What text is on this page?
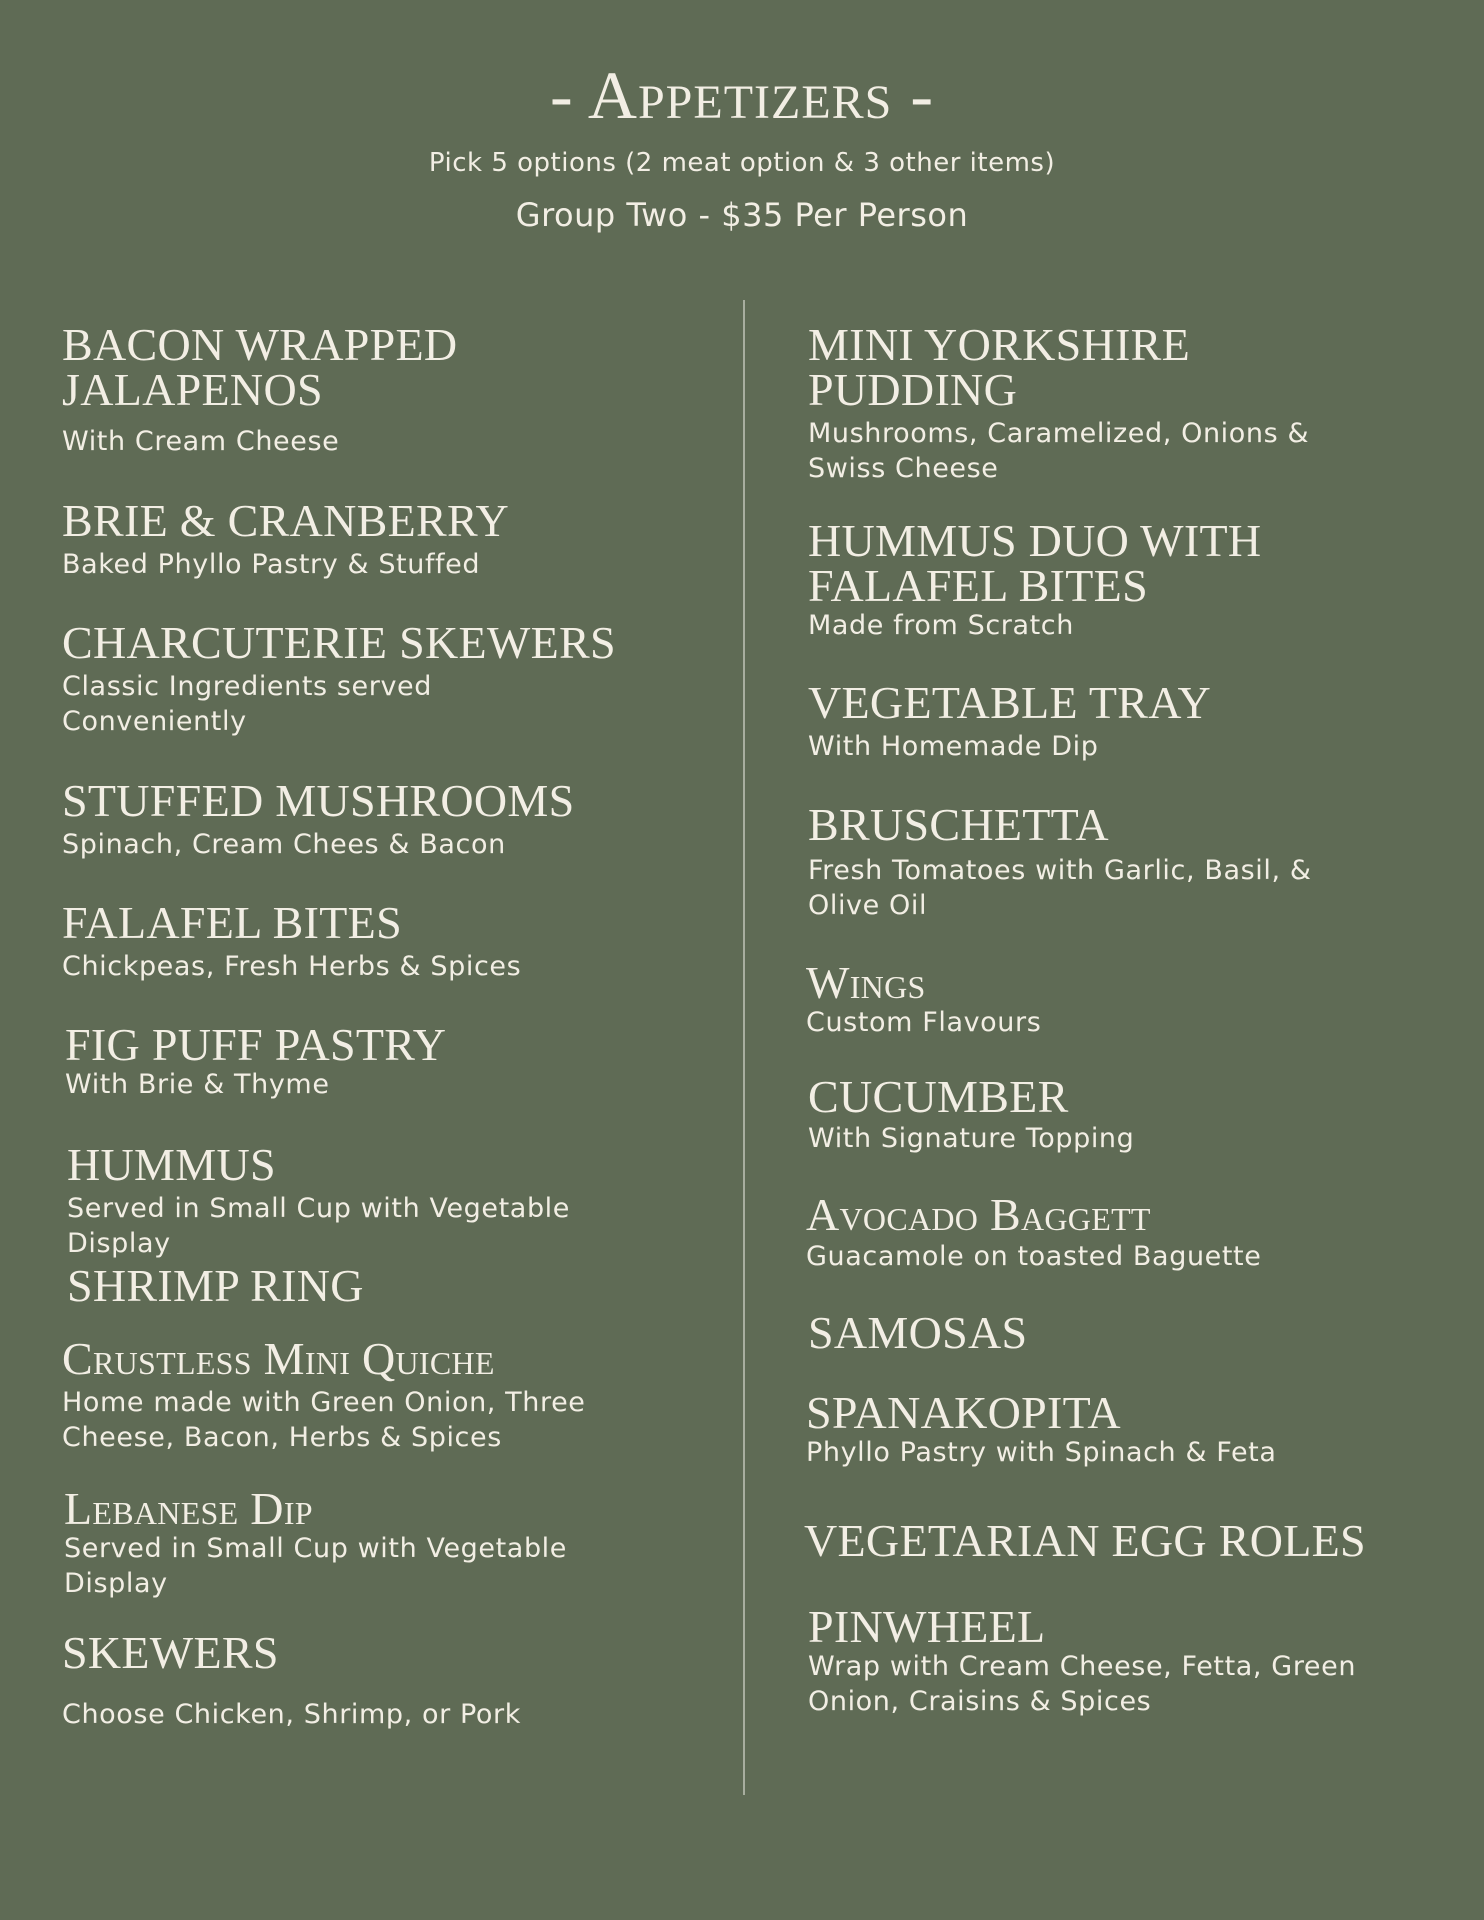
- Appetizers -
Pick 5 options (2 meat option & 3 other items)
Group Two - $35 Per Person
BACON WRAPPED JALAPENOS
With Cream Cheese
BRIE & CRANBERRY
Baked Phyllo Pastry & Stuffed
CHARCUTERIE SKEWERS
Classic Ingredients served Conveniently
STUFFED MUSHROOMS
Spinach, Cream Chees & Bacon
FALAFEL BITES
Chickpeas, Fresh Herbs & Spices
FIG PUFF PASTRY
With Brie & Thyme
HUMMUS
Served in Small Cup with Vegetable Display
SHRIMP RING
Crustless Mini Quiche
Home made with Green Onion, Three Cheese, Bacon, Herbs & Spices
Lebanese Dip
Served in Small Cup with Vegetable Display
SKEWERS
Choose Chicken, Shrimp, or Pork
MINI YORKSHIRE PUDDING
Mushrooms, Caramelized, Onions & Swiss Cheese
HUMMUS DUO WITH FALAFEL BITES
Made from Scratch
VEGETABLE TRAY
With Homemade Dip
BRUSCHETTA
Fresh Tomatoes with Garlic, Basil, & Olive Oil
Wings
Custom Flavours
CUCUMBER
With Signature Topping
Avocado Baggett
Guacamole on toasted Baguette
SAMOSAS
SPANAKOPITA
Phyllo Pastry with Spinach & Feta
VEGETARIAN EGG ROLES
PINWHEEL
Wrap with Cream Cheese, Fetta, Green Onion, Craisins & Spices
